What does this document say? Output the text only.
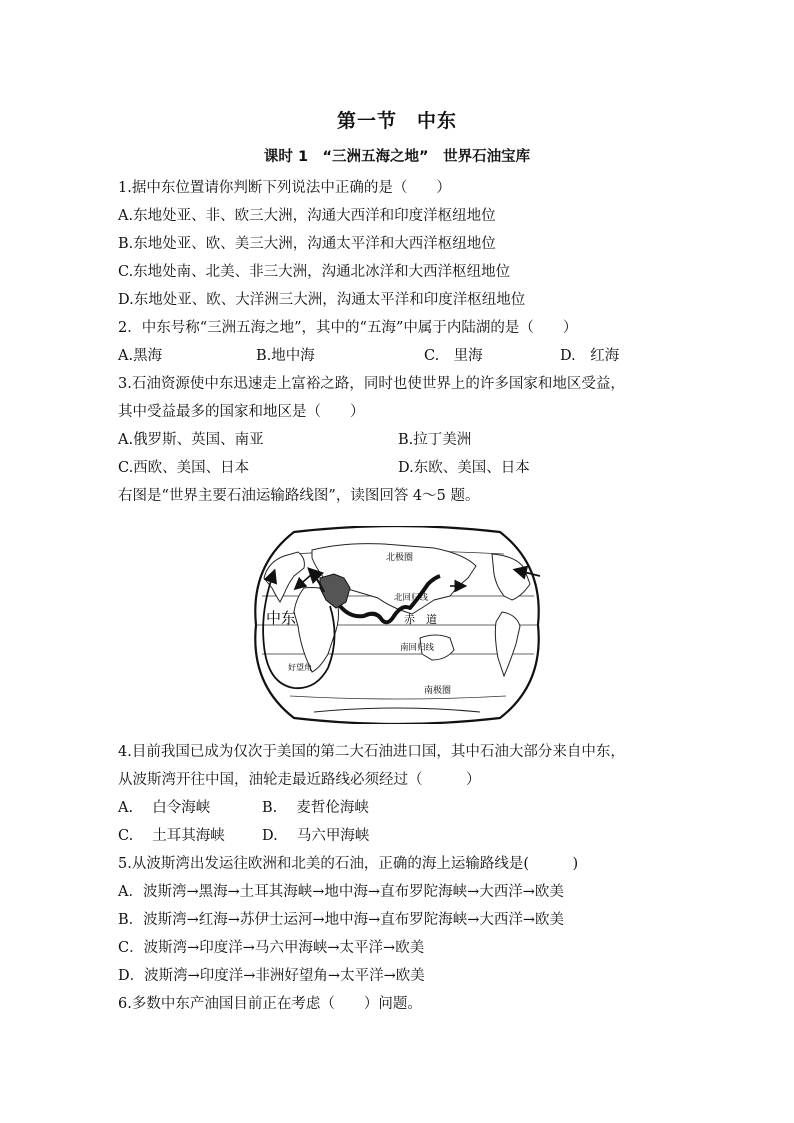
第一节　中东
课时 1　“三洲五海之地”　世界石油宝库
1.据中东位置请你判断下列说法中正确的是（　　）
A.东地处亚、非、欧三大洲，沟通大西洋和印度洋枢纽地位
B.东地处亚、欧、美三大洲，沟通太平洋和大西洋枢纽地位
C.东地处南、北美、非三大洲，沟通北冰洋和大西洋枢纽地位
D.东地处亚、欧、大洋洲三大洲，沟通太平洋和印度洋枢纽地位
2．中东号称“三洲五海之地”，其中的“五海”中属于内陆湖的是（　　）
A.黑海	B.地中海	C.　里海	D.　红海
3.石油资源使中东迅速走上富裕之路，同时也使世界上的许多国家和地区受益，
其中受益最多的国家和地区是（　　）
A.俄罗斯、英国、南亚	B.拉丁美洲
C.西欧、美国、日本	D.东欧、美国、日本
右图是“世界主要石油运输路线图”，读图回答 4～5 题。
北极圈
北回归线
赤　道
南回归线
南极圈
中东
好望角
4.目前我国已成为仅次于美国的第二大石油进口国，其中石油大部分来自中东，
从波斯湾开往中国，油轮走最近路线必须经过（　　　）
A.　 白令海峡	B.　 麦哲伦海峡
C.　 土耳其海峡	D.　 马六甲海峡
5.从波斯湾出发运往欧洲和北美的石油，正确的海上运输路线是(　　　)
A．波斯湾→黑海→土耳其海峡→地中海→直布罗陀海峡→大西洋→欧美
B．波斯湾→红海→苏伊士运河→地中海→直布罗陀海峡→大西洋→欧美
C．波斯湾→印度洋→马六甲海峡→太平洋→欧美
D．波斯湾→印度洋→非洲好望角→太平洋→欧美
6.多数中东产油国目前正在考虑（　　）问题。
